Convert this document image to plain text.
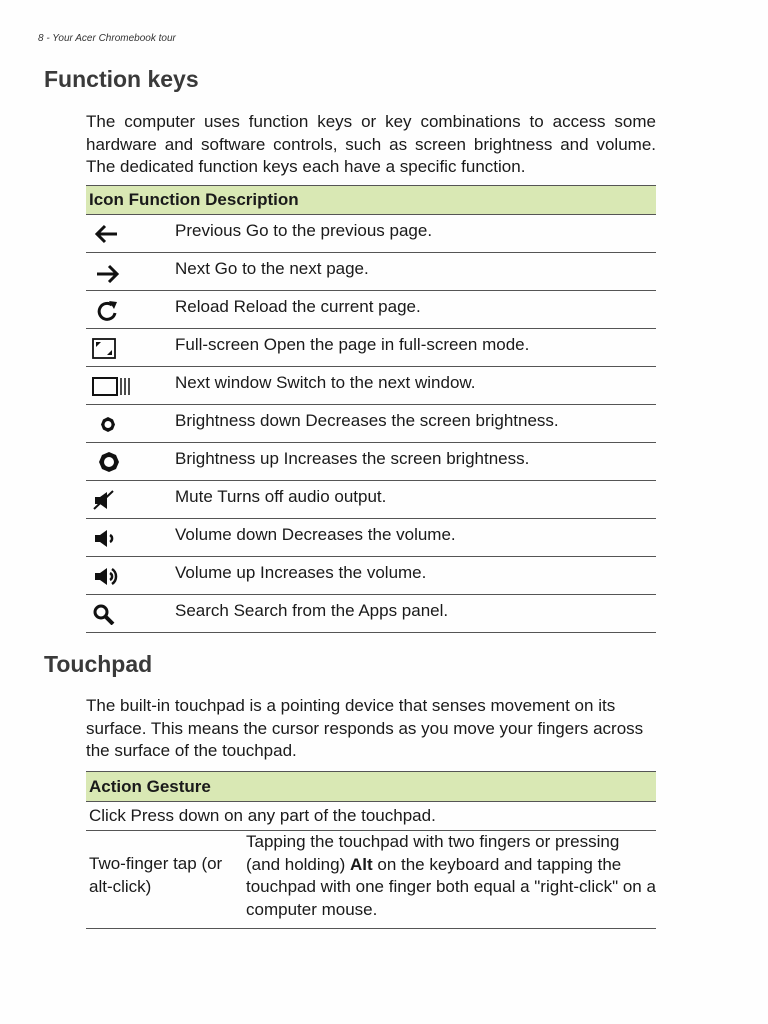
8 - Your Acer Chromebook tour
Function keys

The computer uses function keys or key combinations to access some hardware and software controls, such as screen brightness and volume. The dedicated function keys each have a specific function.

Icon Function Description
Previous Go to the previous page.
Next Go to the next page.
Reload Reload the current page.
Full-screen Open the page in full-screen mode.
Next window Switch to the next window.
Brightness down Decreases the screen brightness.
Brightness up Increases the screen brightness.
Mute Turns off audio output.
Volume down Decreases the volume.
Volume up Increases the volume.
Search Search from the Apps panel.
Touchpad

The built-in touchpad is a pointing device that senses movement on its surface. This means the cursor responds as you move your fingers across the surface of the touchpad.

Action Gesture
Click Press down on any part of the touchpad.
Two-finger tap (or alt-click)
Tapping the touchpad with two fingers or pressing (and holding) Alt on the keyboard and tapping the touchpad with one finger both equal a "right-click" on a computer mouse.
